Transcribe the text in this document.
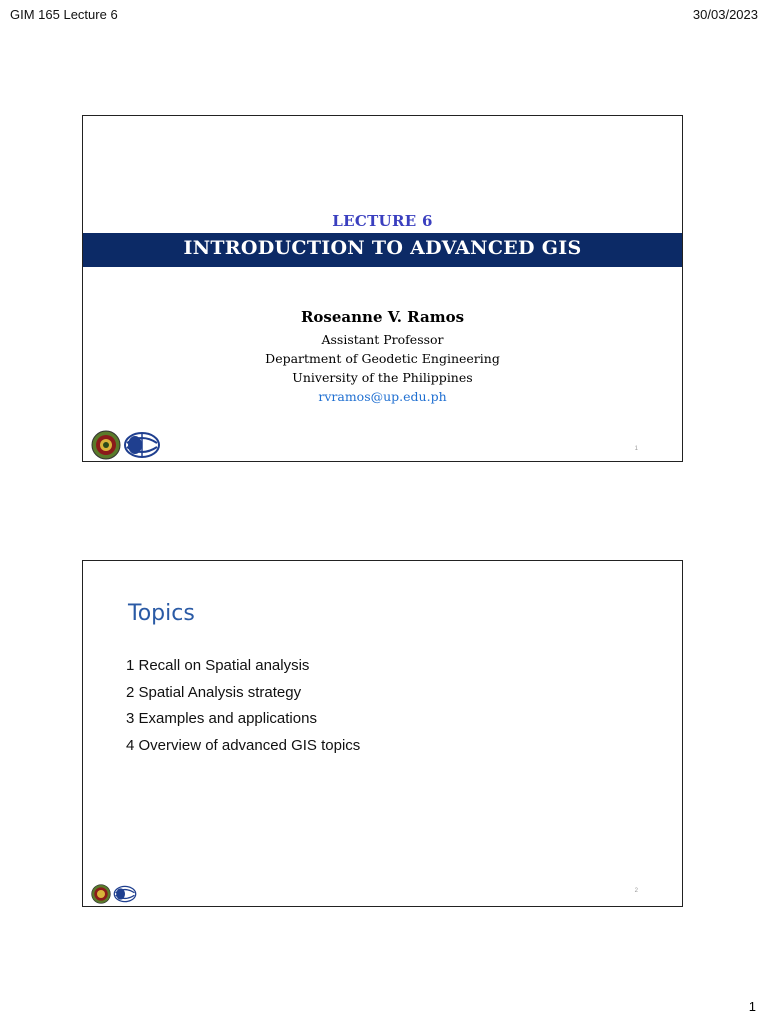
GIM 165 Lecture 6	30/03/2023
LECTURE 6
INTRODUCTION TO ADVANCED GIS
Roseanne V. Ramos
Assistant Professor
Department of Geodetic Engineering
University of the Philippines
rvramos@up.edu.ph
1
Topics
1 Recall on Spatial analysis
2 Spatial Analysis strategy
3 Examples and applications
4 Overview of advanced GIS topics
2
1
